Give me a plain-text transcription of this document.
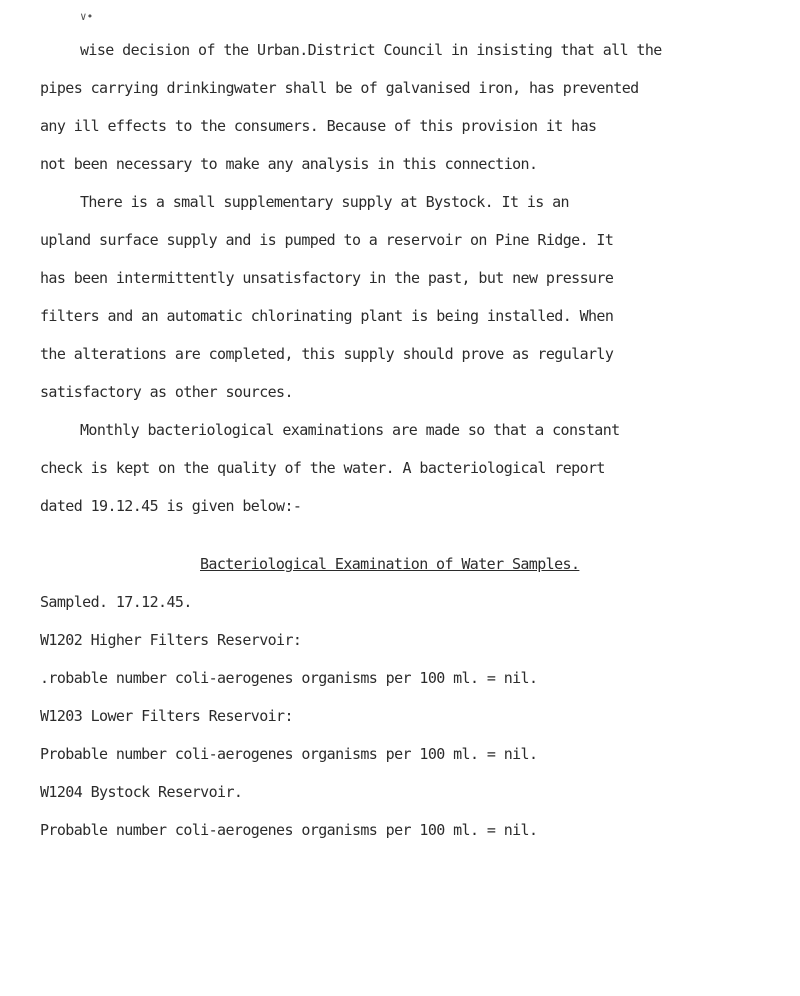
∨•
wise decision of the Urban.District Council in insisting that all the
pipes carrying drinkingwater shall be of galvanised iron, has prevented
any ill effects to the consumers. Because of this provision it has
not been necessary to make any analysis in this connection.
There is a small supplementary supply at Bystock. It is an
upland surface supply and is pumped to a reservoir on Pine Ridge. It
has been intermittently unsatisfactory in the past, but new pressure
filters and an automatic chlorinating plant is being installed. When
the alterations are completed, this supply should prove as regularly
satisfactory as other sources.
Monthly bacteriological examinations are made so that a constant
check is kept on the quality of the water. A bacteriological report
dated 19.12.45 is given below:-
Bacteriological Examination of Water Samples.
Sampled. 17.12.45.
W1202 Higher Filters Reservoir:
.robable number coli-aerogenes organisms per 100 ml. = nil.
W1203 Lower Filters Reservoir:
Probable number coli-aerogenes organisms per 100 ml. = nil.
W1204 Bystock Reservoir.
Probable number coli-aerogenes organisms per 100 ml. = nil.
